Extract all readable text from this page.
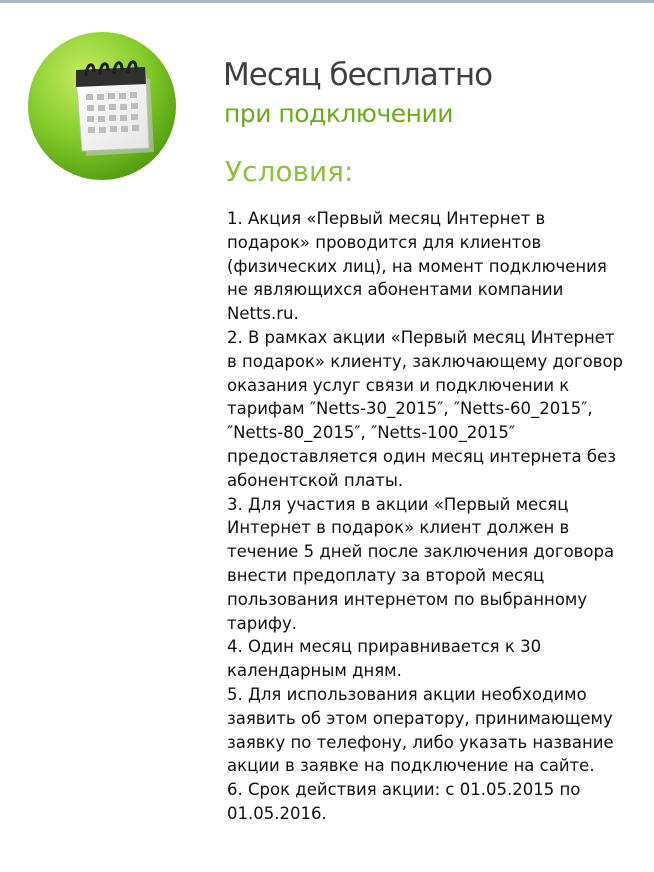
Месяц бесплатно
при подключении
Условия:

1. Акция «Первый месяц Интернет в подарок» проводится для клиентов (физических лиц), на момент подключения не являющихся абонентами компании Netts.ru.

2. В рамках акции «Первый месяц Интернет в подарок» клиенту, заключающему договор оказания услуг связи и подключении к тарифам ″Netts-30_2015″, ″Netts-60_2015″, ″Netts-80_2015″, ″Netts-100_2015″ предоставляется один месяц интернета без абонентской платы.

3. Для участия в акции «Первый месяц Интернет в подарок» клиент должен в течение 5 дней после заключения договора внести предоплату за второй месяц пользования интернетом по выбранному тарифу.

4. Один месяц приравнивается к 30 календарным дням.

5. Для использования акции необходимо заявить об этом оператору, принимающему заявку по телефону, либо указать название акции в заявке на подключение на сайте.

6. Срок действия акции: с 01.05.2015 по 01.05.2016.
